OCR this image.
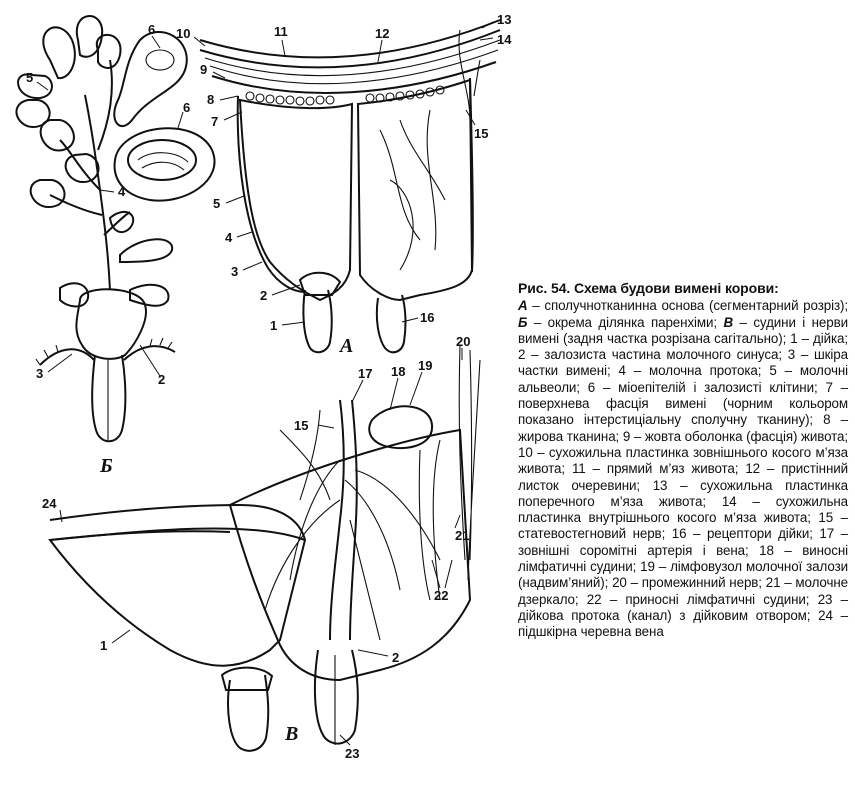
Б
А
В
5
4
6
6
3	2
10	11	12
13
14
9
8
7
5
4
3
2
1
15
16
17 18 19
20
15
21
22
24
1
2
23
Рис. 54. Схема будови вимені корови:
А – сполучнотканинна основа (сегментарний розріз); Б – окрема ділянка паренхіми; В – судини і нерви вимені (задня частка розрізана сагітально); 1 – дійка; 2 – залозиста частина молочного синуса; 3 – шкіра частки вимені; 4 – молочна протока; 5 – молочні альвеоли; 6 – міоепітелій і залозисті клітини; 7 – поверхнева фасція вимені (чорним кольором показано інтерстиціальну сполучну тканину); 8 – жирова тканина; 9 – жовта оболонка (фасція) живота; 10 – сухожильна пластинка зовнішнього косого м’яза живота; 11 – прямий м’яз живота; 12 – пристінний листок очеревини; 13 – сухожильна пластинка поперечного м’яза живота; 14 – сухожильна пластинка внутрішнього косого м’яза живота; 15 – статевостегновий нерв; 16 – рецептори дійки; 17 – зовнішні соромітні артерія і вена; 18 – виносні лімфатичні судини; 19 – лімфовузол молочної залози (надвим’яний); 20 – промежинний нерв; 21 – молочне дзеркало; 22 – приносні лімфатичні судини; 23 – дійкова протока (канал) з дійковим отвором; 24 – підшкірна черевна вена
